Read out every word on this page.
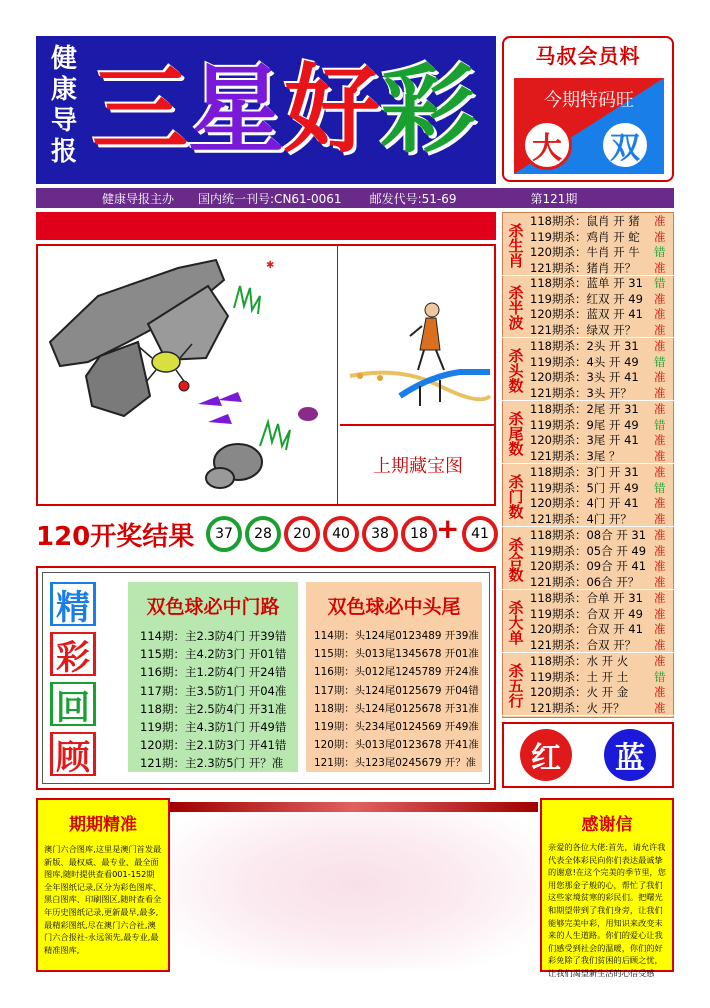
健
康
导
报 三 星 好 彩	马叔会员料
今期特码旺
大	双
健康导报主办 国内统一刊号:CN61-0061 邮发代号:51-69	第121期
✱
上期藏宝图
120开奖结果	37	28	20	40	38	18 + 41
精
彩
回
顾
双色球必中门路
114期：主2.3防4门 开39错
115期：主4.2防3门 开01错
116期：主1.2防4门 开24错
117期：主3.5防1门 开04准
118期：主2.5防4门 开31准
119期：主4.3防1门 开49错
120期：主2.1防3门 开41错
121期：主2.3防5门 开？准
双色球必中头尾
114期：头124尾0123489 开39准
115期：头013尾1345678 开01准
116期：头012尾1245789 开24准
117期：头124尾0125679 开04错
118期：头124尾0125678 开31准
119期：头234尾0124569 开49准
120期：头013尾0123678 开41准
121期：头123尾0245679 开？准
杀生肖
118期杀：鼠肖 开 猪 准
119期杀：鸡肖 开 蛇 准
120期杀：牛肖 开 牛 错
121期杀：猪肖 开？ 准
杀半波
118期杀：蓝单 开 31 错
119期杀：红双 开 49 准
120期杀：蓝双 开 41 准
121期杀：绿双 开？ 准
杀头数
118期杀：2头 开 31 准
119期杀：4头 开 49 错
120期杀：3头 开 41 准
121期杀：3头 开？ 准
杀尾数
118期杀：2尾 开 31 准
119期杀：9尾 开 49 错
120期杀：3尾 开 41 准
121期杀：3尾 ？	准
杀门数
118期杀：3门 开 31 准
119期杀：5门 开 49 错
120期杀：4门 开 41 准
121期杀：4门 开？ 准
杀合数
118期杀：08合 开 31 准
119期杀：05合 开 49 准
120期杀：09合 开 41 准
121期杀：06合 开？ 准
杀大单
118期杀：合单 开 31 准
119期杀：合双 开 49 准
120期杀：合双 开 41 准
121期杀：合双 开？ 准
杀五行
118期杀：水 开 火 准
119期杀：土 开 土 错
120期杀：火 开 金 准
121期杀：火 开？	准
红	蓝
期期精准

澳门六合图库,这里是澳门首发最新版、最权威、最专业、最全面图库,随时提供查看001-152期全年图纸记录,区分为彩色图库、黑白图库、印刷图区,随时查看全年历史图纸记录,更新最早,最多,最精彩图纸,尽在澳门六合社,澳门六合报社-永远领先,最专业,最精准图库,

感谢信

亲爱的各位大佬:首先，请允许我代表全体彩民向你们表达最诚挚的谢意!在这个完美的季节里，您用您那金子般的心，帮忙了我们这些家境贫寒的彩民们。把曙光和期望带到了我们身旁，让我们能够完美中彩，用知识来改变未来的人生道路。你们的爱心让我们感受到社会的温暖，你们的好彩免除了我们贫困的后顾之忧，让我们渴望新生活的心信受感
